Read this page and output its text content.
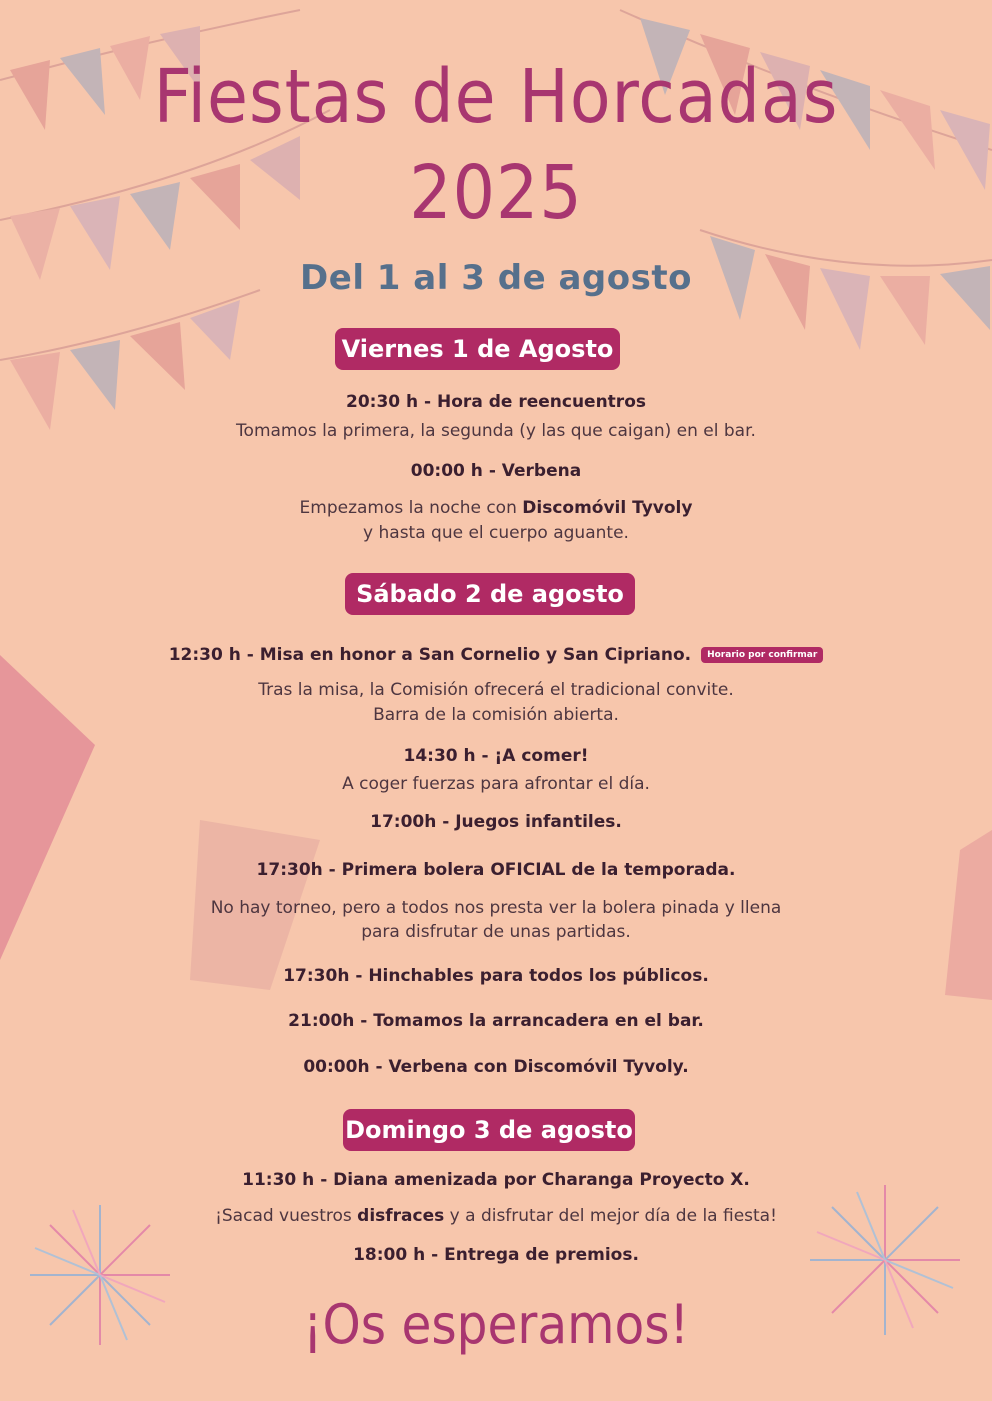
Fiestas de Horcadas
2025
Del 1 al 3 de agosto
Viernes 1 de Agosto
20:30 h - Hora de reencuentros
Tomamos la primera, la segunda (y las que caigan) en el bar.
00:00 h - Verbena
Empezamos la noche con Discomóvil Tyvoly
y hasta que el cuerpo aguante.
Sábado 2 de agosto
12:30 h - Misa en honor a San Cornelio y San Cipriano. Horario por confirmar
Tras la misa, la Comisión ofrecerá el tradicional convite.
Barra de la comisión abierta.
14:30 h - ¡A comer!
A coger fuerzas para afrontar el día.
17:00h - Juegos infantiles.
17:30h - Primera bolera OFICIAL de la temporada.
No hay torneo, pero a todos nos presta ver la bolera pinada y llena
para disfrutar de unas partidas.
17:30h - Hinchables para todos los públicos.
21:00h - Tomamos la arrancadera en el bar.
00:00h - Verbena con Discomóvil Tyvoly.
Domingo 3 de agosto
11:30 h - Diana amenizada por Charanga Proyecto X.
¡Sacad vuestros disfraces y a disfrutar del mejor día de la fiesta!
18:00 h - Entrega de premios.
¡Os esperamos!
